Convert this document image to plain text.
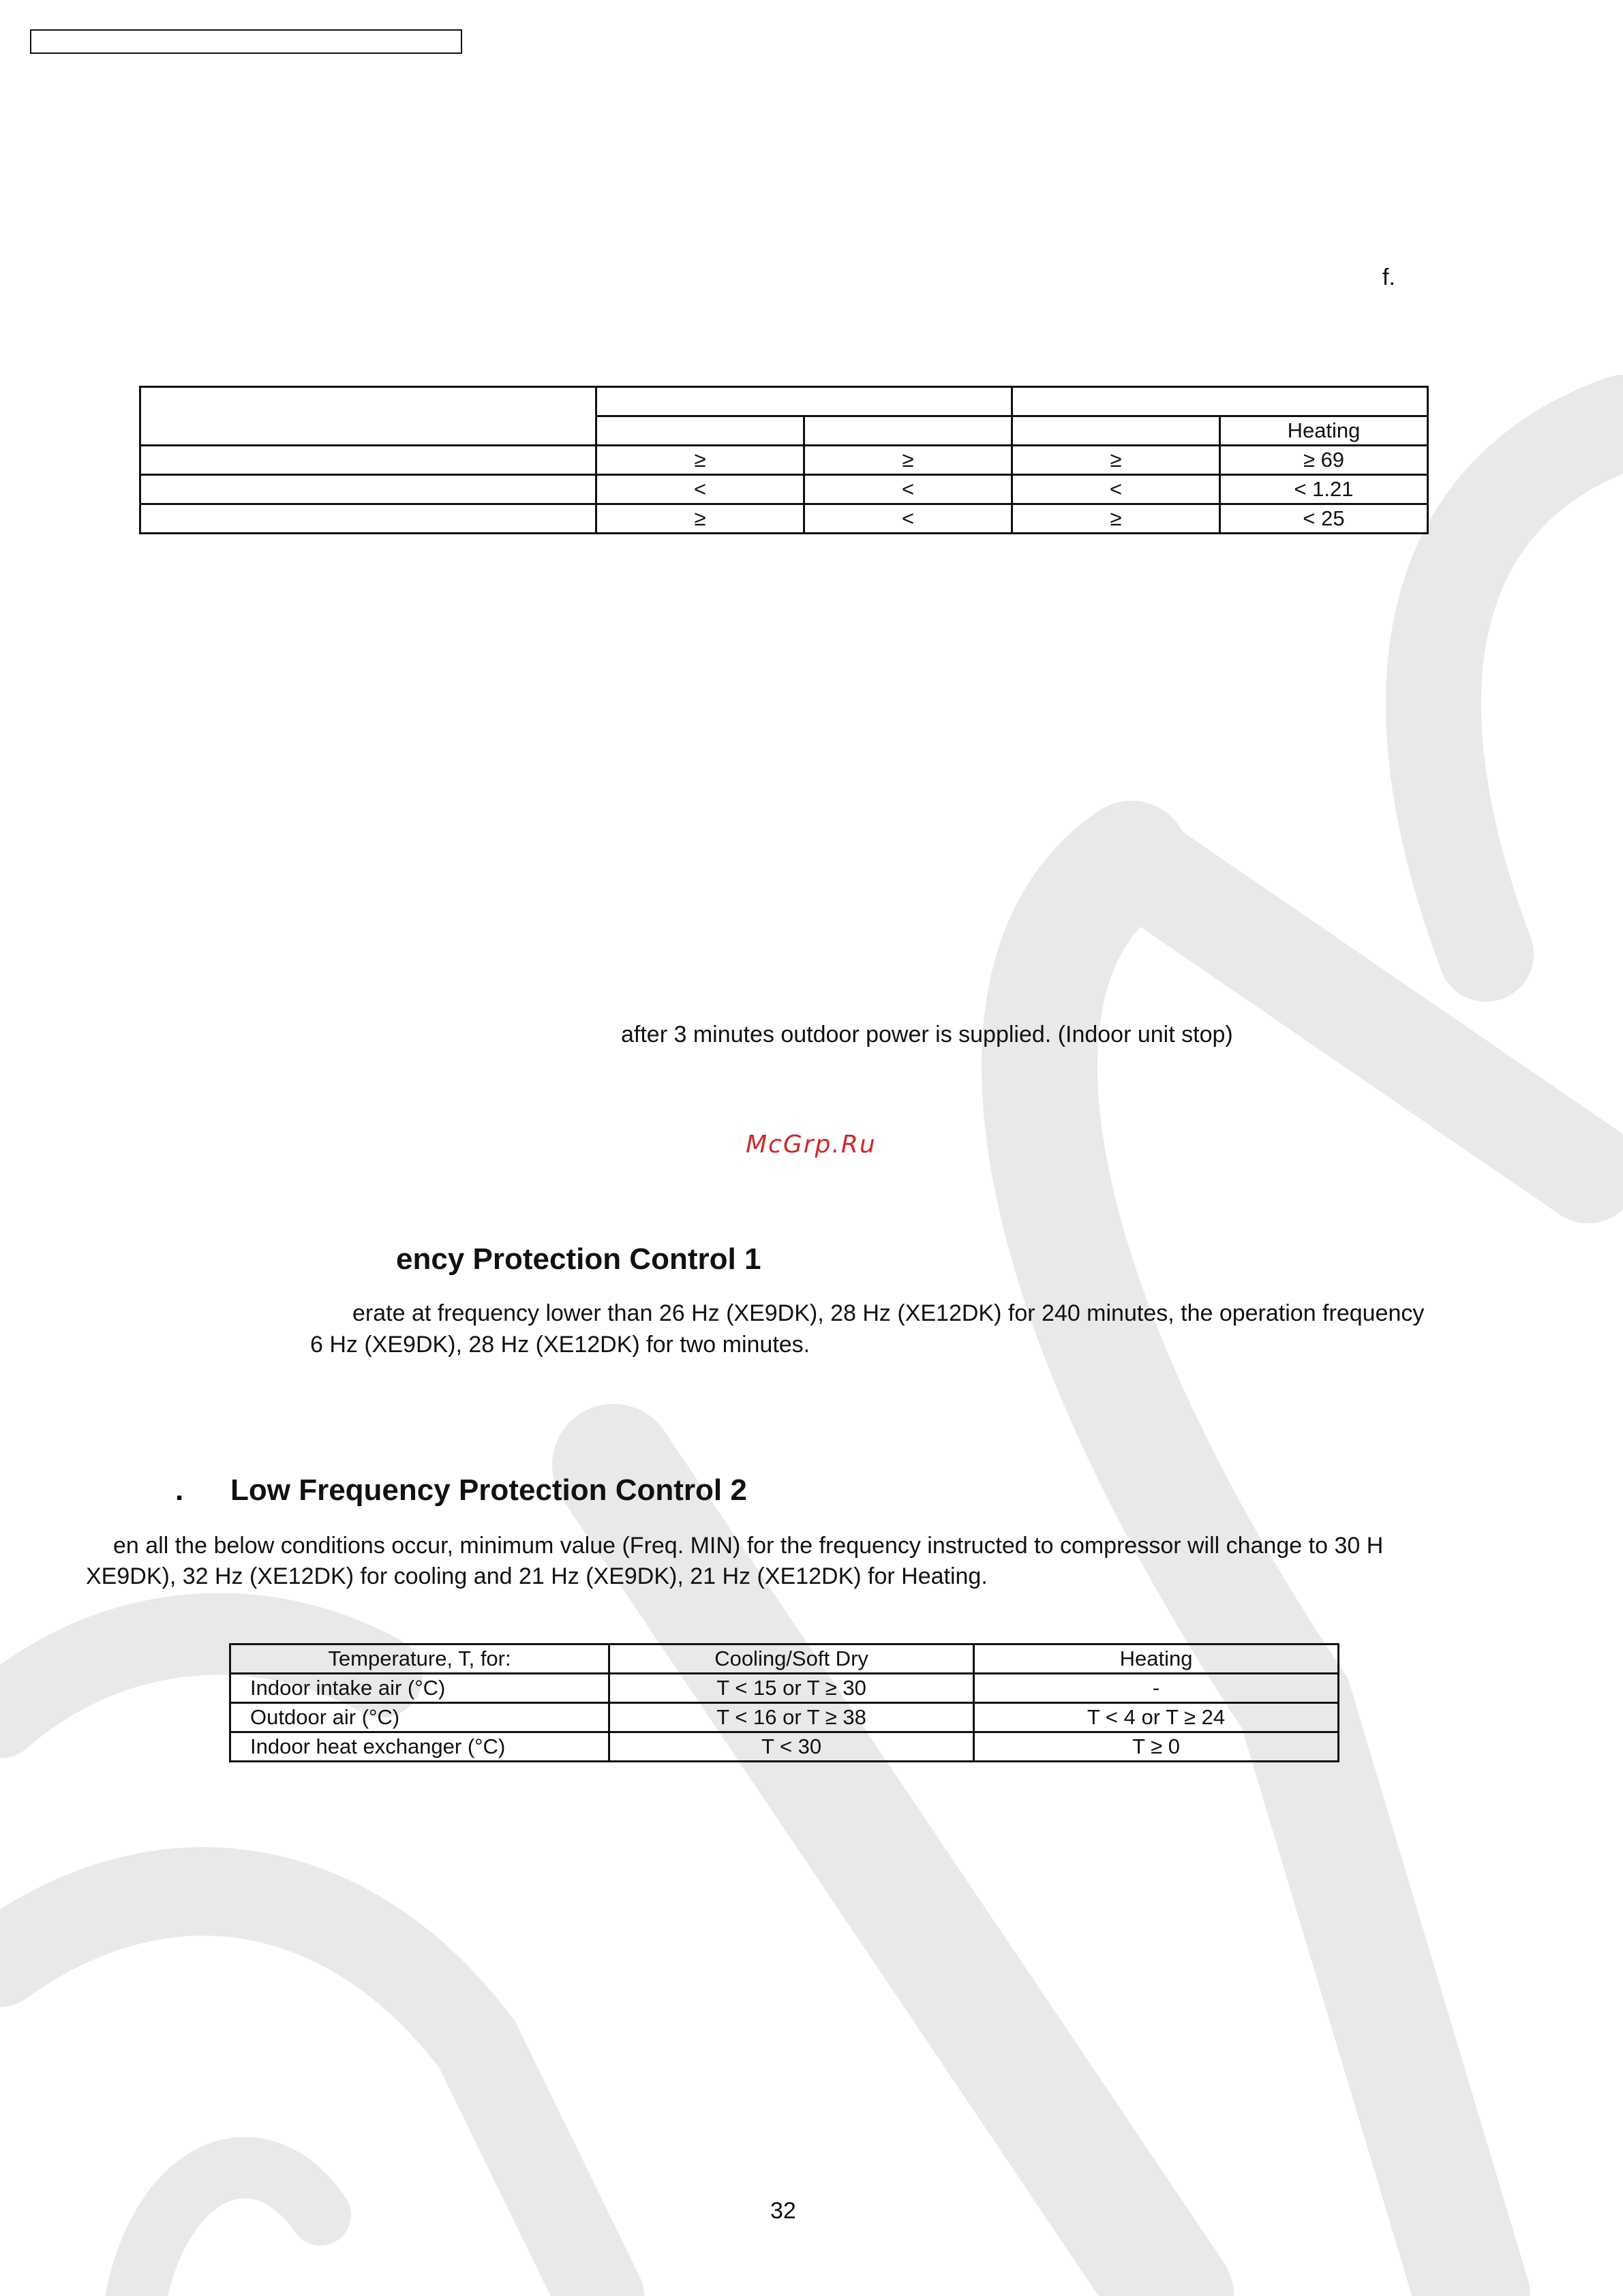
f.

				Heating
	≥	≥	≥	≥ 69
	<	<	<	< 1.21
	≥	<	≥	< 25
after 3 minutes outdoor power is supplied. (Indoor unit stop)
McGrp.Ru
ency Protection Control 1
erate at frequency lower than 26 Hz (XE9DK), 28 Hz (XE12DK) for 240 minutes, the operation frequency
6 Hz (XE9DK), 28 Hz (XE12DK) for two minutes.
. Low Frequency Protection Control 2
en all the below conditions occur, minimum value (Freq. MIN) for the frequency instructed to compressor will change to 30 H
XE9DK), 32 Hz (XE12DK) for cooling and 21 Hz (XE9DK), 21 Hz (XE12DK) for Heating.
Temperature, T, for:	Cooling/Soft Dry	Heating
Indoor intake air (°C)	T < 15 or T ≥ 30	-
Outdoor air (°C)	T < 16 or T ≥ 38	T < 4 or T ≥ 24
Indoor heat exchanger (°C)	T < 30	T ≥ 0
32
